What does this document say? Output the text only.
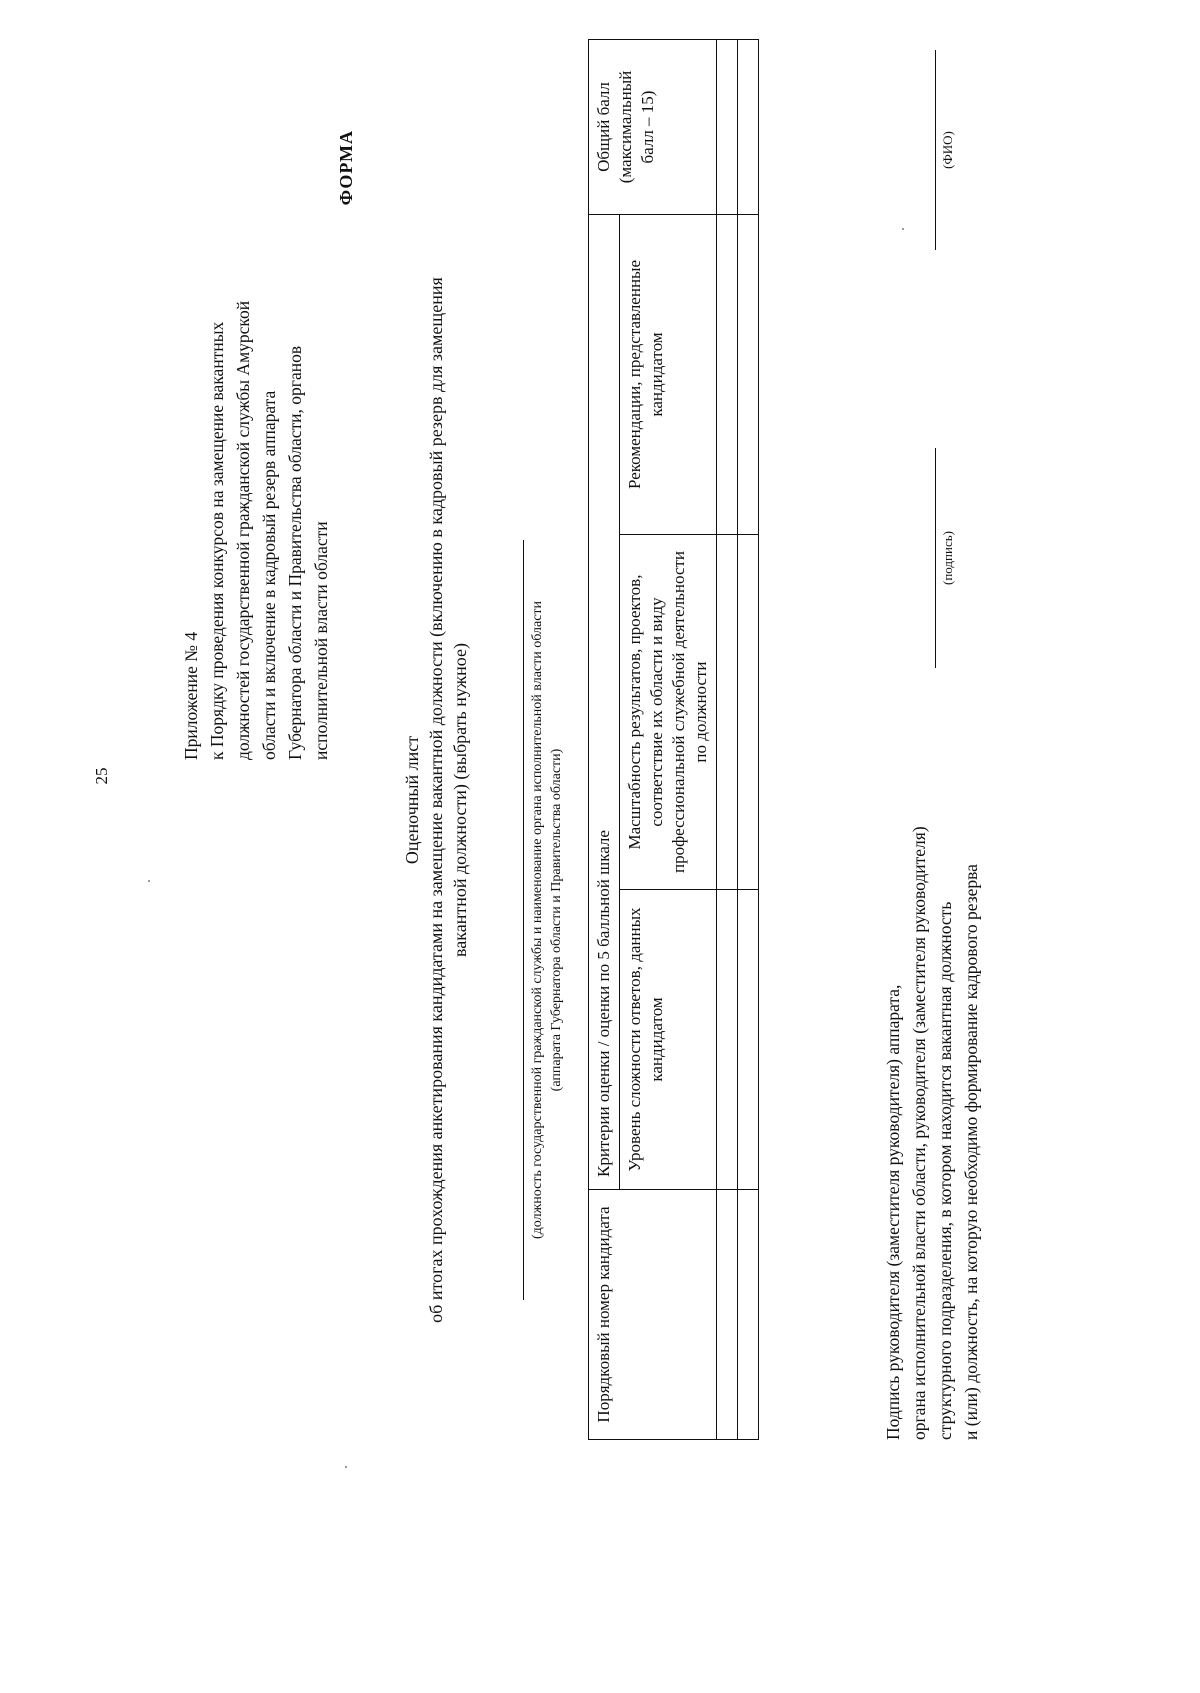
25
Приложение № 4 к Порядку проведения конкурсов на замещение вакантных должностей государственной гражданской службы Амурской области и включение в кадровый резерв аппарата Губернатора области и Правительства области, органов исполнительной власти области
ФОРМА
Оценочный лист об итогах прохождения анкетирования кандидатами на замещение вакантной должности (включению в кадровый резерв для замещения вакантной должности) (выбрать нужное)	(должность государственной гражданской службы и наименование органа исполнительной власти области (аппарата Губернатора области и Правительства области)
Порядковый номер кандидата	Критерии оценки / оценки по 5 балльной шкале			Общий балл (максимальный балл – 15)

	Уровень сложности ответов, данных кандидатом	Масштабность результатов, проектов, соответствие их области и виду профессиональной служебной деятельности по должности	Рекомендации, представленные кандидатом	

Подпись руководителя (заместителя руководителя) аппарата, органа исполнительной власти области, руководителя (заместителя руководителя) структурного подразделения, в котором находится вакантная должность и (или) должность, на которую необходимо формирование кадрового резерва
(подпись)
(ФИО)
